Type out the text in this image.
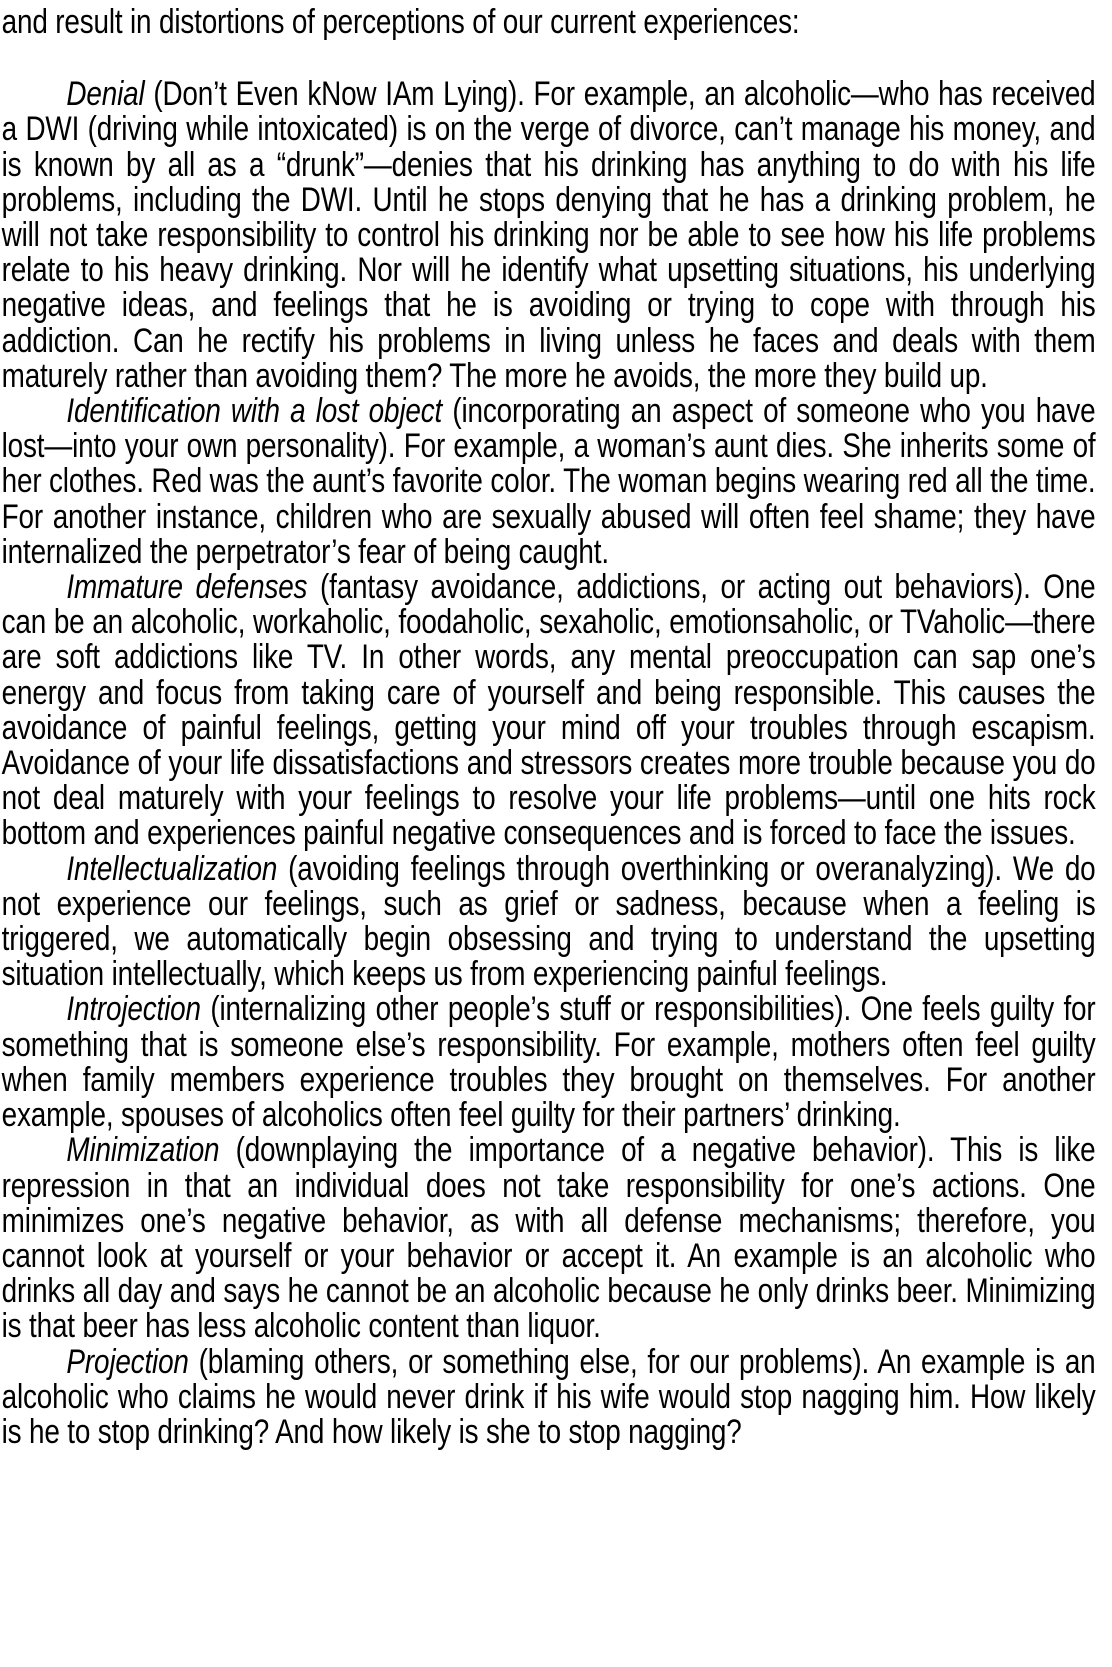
and result in distortions of perceptions of our current experiences:

Denial (Don’t Even kNow IAm Lying). For example, an alcoholic—who has received a DWI (driving while intoxicated) is on the verge of divorce, can’t manage his money, and is known by all as a “drunk”—denies that his drinking has anything to do with his life problems, including the DWI. Until he stops denying that he has a drinking problem, he will not take responsibility to control his drinking nor be able to see how his life problems relate to his heavy drinking. Nor will he identify what upsetting situations, his underlying negative ideas, and feelings that he is avoiding or trying to cope with through his addiction. Can he rectify his problems in living unless he faces and deals with them maturely rather than avoiding them? The more he avoids, the more they build up.

Identification with a lost object (incorporating an aspect of someone who you have lost—into your own personality). For example, a woman’s aunt dies. She inherits some of her clothes. Red was the aunt’s favorite color. The woman begins wearing red all the time. For another instance, children who are sexually abused will often feel shame; they have internalized the perpetrator’s fear of being caught.

Immature defenses (fantasy avoidance, addictions, or acting out behaviors). One can be an alcoholic, workaholic, foodaholic, sexaholic, emotionsaholic, or TVaholic—there are soft addictions like TV. In other words, any mental preoccupation can sap one’s energy and focus from taking care of yourself and being responsible. This causes the avoidance of painful feelings, getting your mind off your troubles through escapism. Avoidance of your life dissatisfactions and stressors creates more trouble because you do not deal maturely with your feelings to resolve your life problems—until one hits rock bottom and experiences painful negative consequences and is forced to face the issues.

Intellectualization (avoiding feelings through overthinking or overanalyzing). We do not experience our feelings, such as grief or sadness, because when a feeling is triggered, we automatically begin obsessing and trying to understand the upsetting situation intellectually, which keeps us from experiencing painful feelings.

Introjection (internalizing other people’s stuff or responsibilities). One feels guilty for something that is someone else’s responsibility. For example, mothers often feel guilty when family members experience troubles they brought on themselves. For another example, spouses of alcoholics often feel guilty for their partners’ drinking.

Minimization (downplaying the importance of a negative behavior). This is like repression in that an individual does not take responsibility for one’s actions. One minimizes one’s negative behavior, as with all defense mechanisms; therefore, you cannot look at yourself or your behavior or accept it. An example is an alcoholic who drinks all day and says he cannot be an alcoholic because he only drinks beer. Minimizing is that beer has less alcoholic content than liquor.

Projection (blaming others, or something else, for our problems). An example is an alcoholic who claims he would never drink if his wife would stop nagging him. How likely is he to stop drinking? And how likely is she to stop nagging?
